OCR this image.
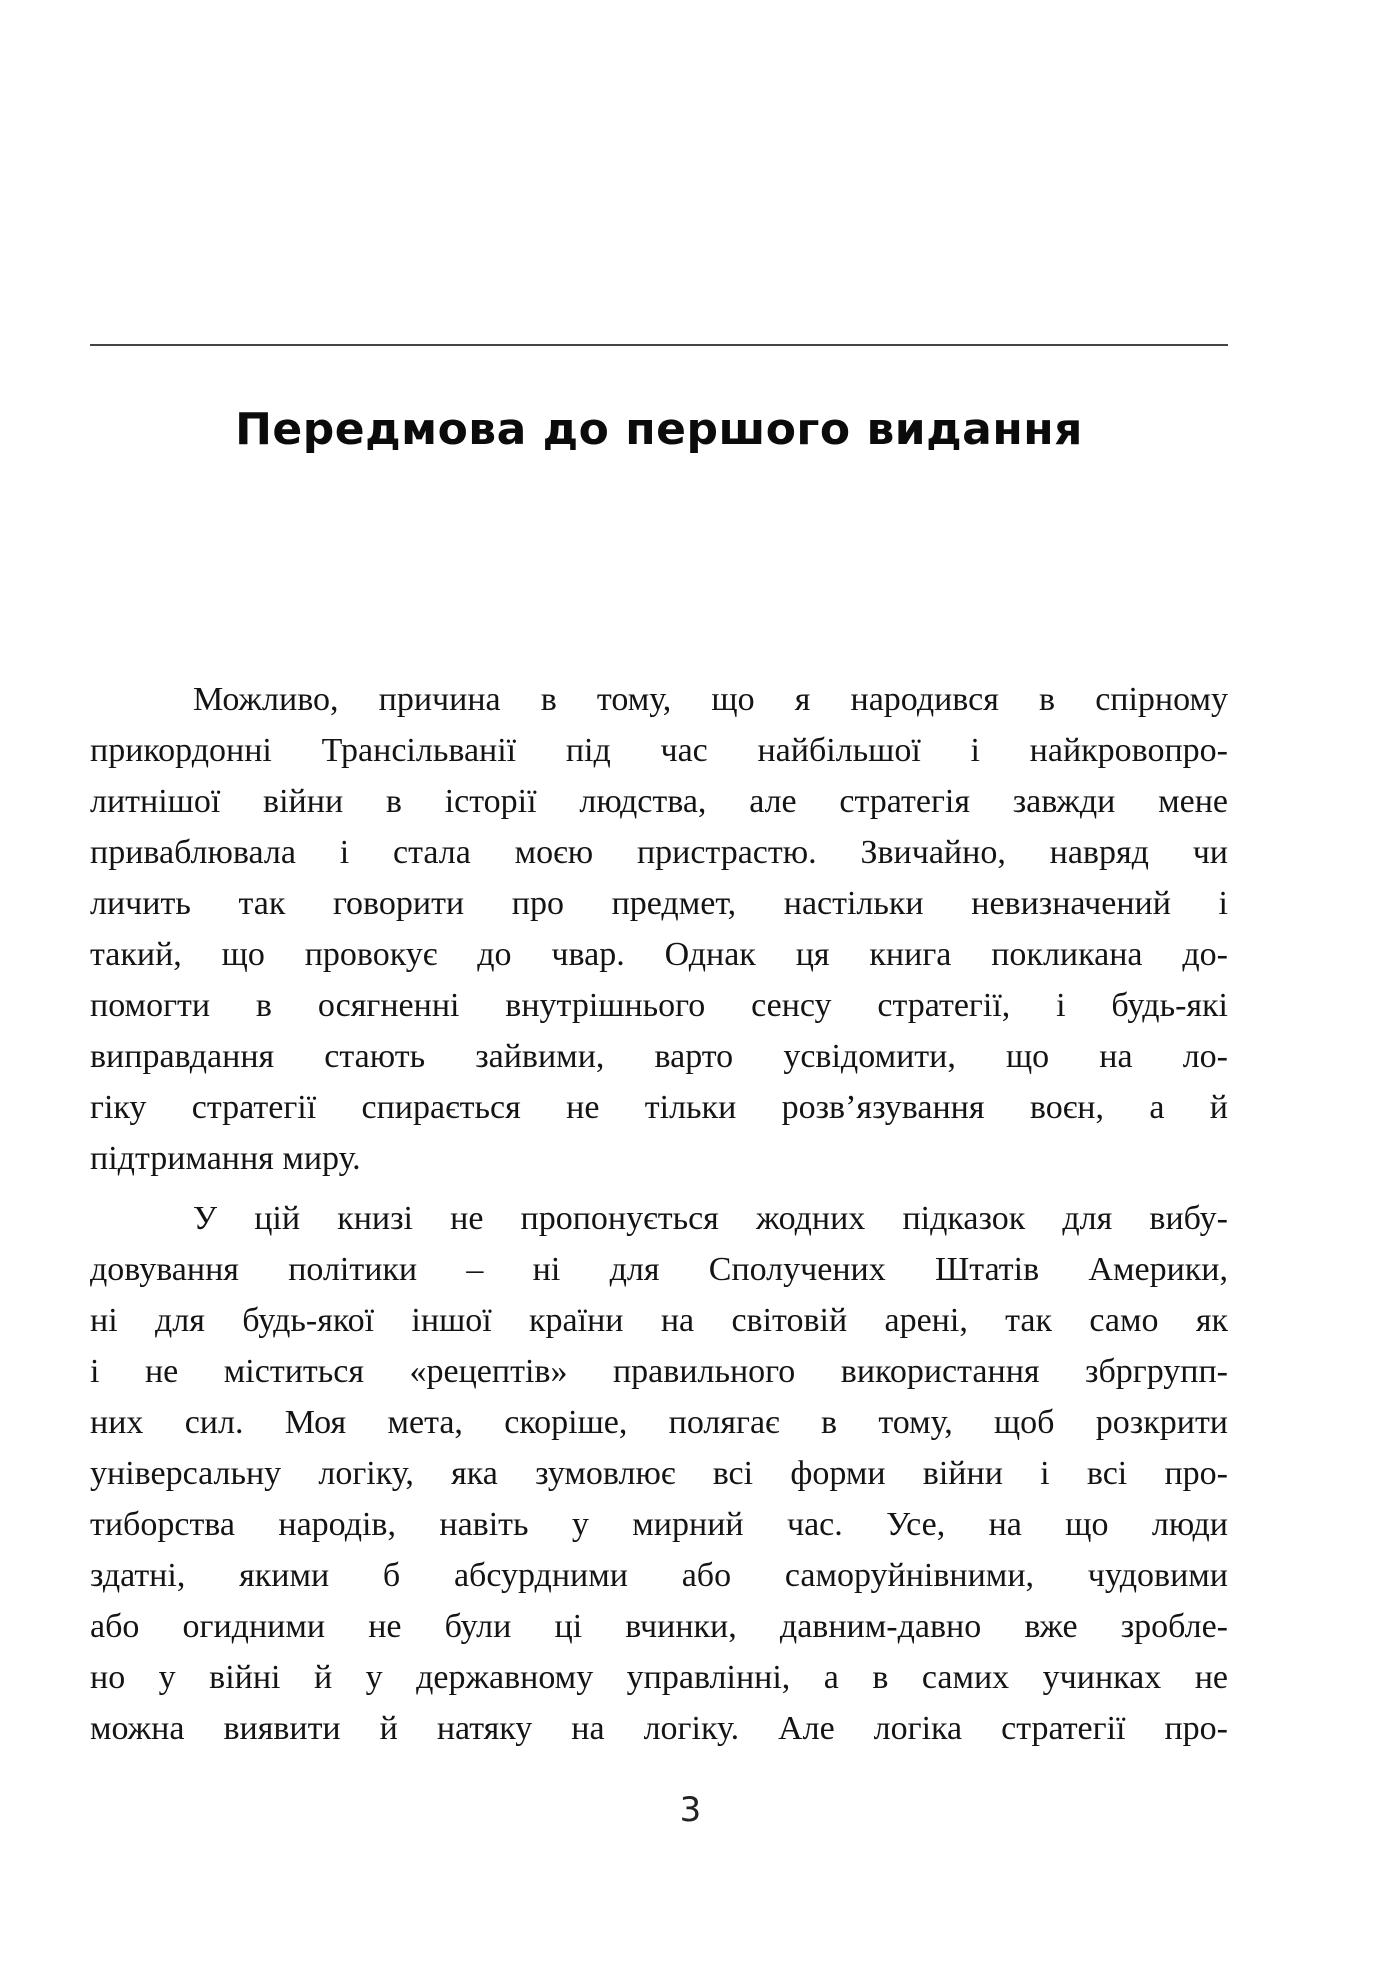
Передмова до першого видання
Можливо, причина в тому, що я народився в спірному
прикордонні Трансільванії під час найбільшої і найкровопро-
литнішої війни в історії людства, але стратегія завжди мене
приваблювала і стала моєю пристрастю. Звичайно, навряд чи
личить так говорити про предмет, настільки невизначений і
такий, що провокує до чвар. Однак ця книга покликана до-
помогти в осягненні внутрішнього сенсу стратегії, і будь-які
виправдання стають зайвими, варто усвідомити, що на ло-
гіку стратегії спирається не тільки розв’язування воєн, а й
підтримання миру.
У цій книзі не пропонується жодних підказок для вибу-
довування політики – ні для Сполучених Штатів Америки,
ні для будь-якої іншої країни на світовій арені, так само як
і не міститься «рецептів» правильного використання збргрупп-
них сил. Моя мета, скоріше, полягає в тому, щоб розкрити
універсальну логіку, яка зумовлює всі форми війни і всі про-
тиборства народів, навіть у мирний час. Усе, на що люди
здатні, якими б абсурдними або саморуйнівними, чудовими
або огидними не були ці вчинки, давним-давно вже зробле-
но у війні й у державному управлінні, а в самих учинках не
можна виявити й натяку на логіку. Але логіка стратегії про-
3
